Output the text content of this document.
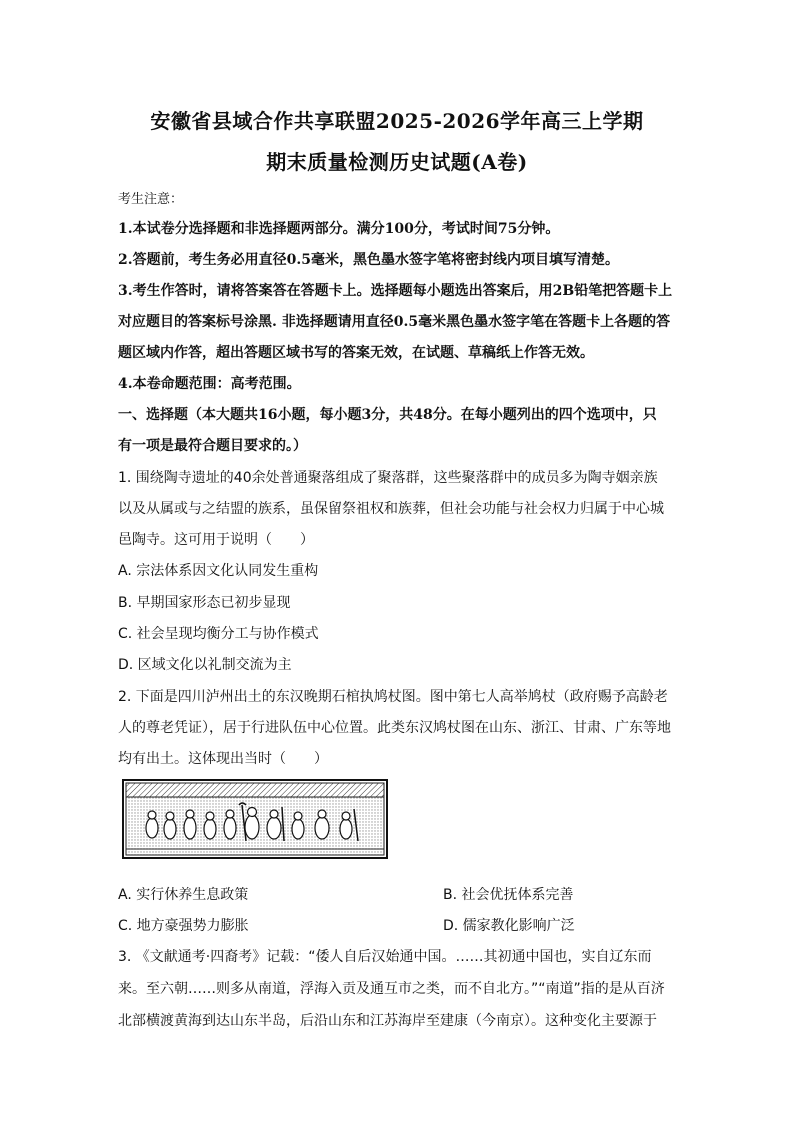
安徽省县域合作共享联盟2025-2026学年高三上学期
期末质量检测历史试题(A卷)
考生注意：
1.本试卷分选择题和非选择题两部分。满分100分，考试时间75分钟。
2.答题前，考生务必用直径0.5毫米，黑色墨水签字笔将密封线内项目填写清楚。
3.考生作答时，请将答案答在答题卡上。选择题每小题选出答案后，用2B铅笔把答题卡上
对应题目的答案标号涂黑. 非选择题请用直径0.5毫米黑色墨水签字笔在答题卡上各题的答
题区域内作答，超出答题区域书写的答案无效，在试题、草稿纸上作答无效。
4.本卷命题范围：高考范围。
一、选择题（本大题共16小题，每小题3分，共48分。在每小题列出的四个选项中，只
有一项是最符合题目要求的。）
1. 围绕陶寺遗址的40余处普通聚落组成了聚落群，这些聚落群中的成员多为陶寺姻亲族
以及从属或与之结盟的族系，虽保留祭祖权和族葬，但社会功能与社会权力归属于中心城
邑陶寺。这可用于说明（　　）
A. 宗法体系因文化认同发生重构
B. 早期国家形态已初步显现
C. 社会呈现均衡分工与协作模式
D. 区域文化以礼制交流为主
2. 下面是四川泸州出土的东汉晚期石棺执鸠杖图。图中第七人高举鸠杖（政府赐予高龄老
人的尊老凭证），居于行进队伍中心位置。此类东汉鸠杖图在山东、浙江、甘肃、广东等地
均有出土。这体现出当时（　　）
A. 实行休养生息政策	B. 社会优抚体系完善
C. 地方豪强势力膨胀	D. 儒家教化影响广泛
3. 《文献通考·四裔考》记载：“倭人自后汉始通中国。……其初通中国也，实自辽东而
来。至六朝……则多从南道，浮海入贡及通互市之类，而不自北方。”“南道”指的是从百济
北部横渡黄海到达山东半岛，后沿山东和江苏海岸至建康（今南京）。这种变化主要源于
